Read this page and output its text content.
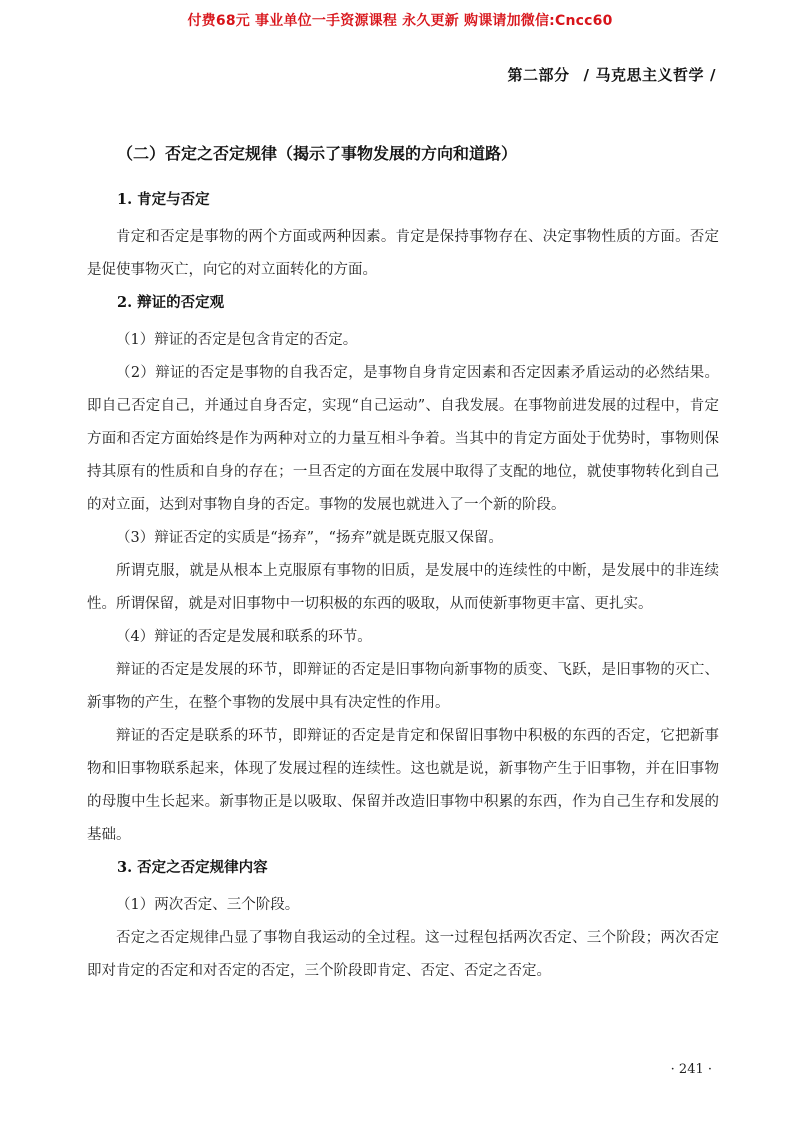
付费68元 事业单位一手资源课程 永久更新 购课请加微信:Cncc60
第二部分 / 马克思主义哲学 /
（二）否定之否定规律（揭示了事物发展的方向和道路）
1. 肯定与否定

肯定和否定是事物的两个方面或两种因素。肯定是保持事物存在、决定事物性质的方面。否定是促使事物灭亡，向它的对立面转化的方面。

2. 辩证的否定观

（1）辩证的否定是包含肯定的否定。

（2）辩证的否定是事物的自我否定，是事物自身肯定因素和否定因素矛盾运动的必然结果。即自己否定自己，并通过自身否定，实现“自己运动”、自我发展。在事物前进发展的过程中，肯定方面和否定方面始终是作为两种对立的力量互相斗争着。当其中的肯定方面处于优势时，事物则保持其原有的性质和自身的存在；一旦否定的方面在发展中取得了支配的地位，就使事物转化到自己的对立面，达到对事物自身的否定。事物的发展也就进入了一个新的阶段。

（3）辩证否定的实质是“扬弃”，“扬弃”就是既克服又保留。

所谓克服，就是从根本上克服原有事物的旧质，是发展中的连续性的中断，是发展中的非连续性。所谓保留，就是对旧事物中一切积极的东西的吸取，从而使新事物更丰富、更扎实。

（4）辩证的否定是发展和联系的环节。

辩证的否定是发展的环节，即辩证的否定是旧事物向新事物的质变、飞跃，是旧事物的灭亡、新事物的产生，在整个事物的发展中具有决定性的作用。

辩证的否定是联系的环节，即辩证的否定是肯定和保留旧事物中积极的东西的否定，它把新事物和旧事物联系起来，体现了发展过程的连续性。这也就是说，新事物产生于旧事物，并在旧事物的母腹中生长起来。新事物正是以吸取、保留并改造旧事物中积累的东西，作为自己生存和发展的基础。

3. 否定之否定规律内容

（1）两次否定、三个阶段。

否定之否定规律凸显了事物自我运动的全过程。这一过程包括两次否定、三个阶段；两次否定即对肯定的否定和对否定的否定，三个阶段即肯定、否定、否定之否定。

· 241 ·
